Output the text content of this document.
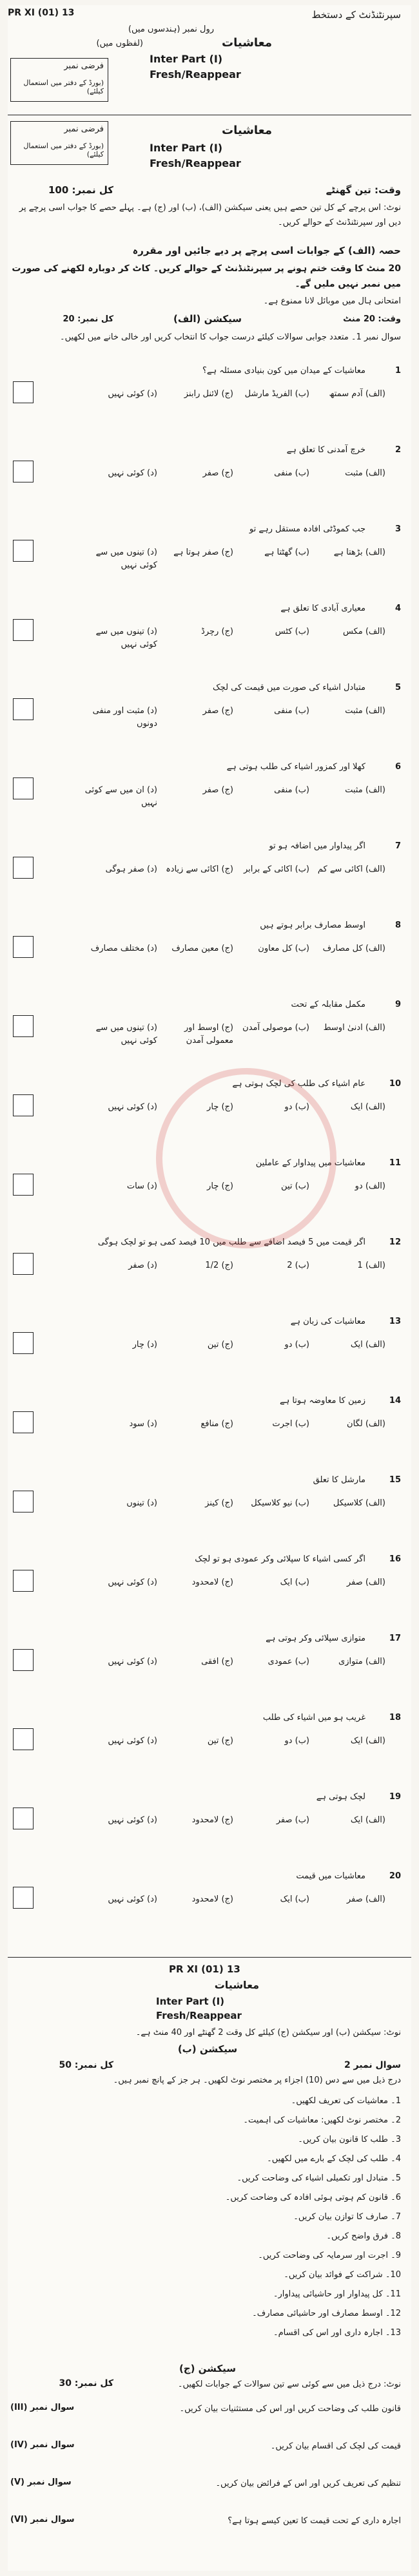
سپرنٹنڈنٹ کے دستخط
PR XI (01) 13
رول نمبر (ہندسوں میں)
(لفظوں میں)	معاشیات
Inter Part (I)
Fresh/Reappear
فرضی نمبر
(بورڈ کے دفتر میں استعمال کیلئے)
فرضی نمبر
(بورڈ کے دفتر میں استعمال کیلئے)
معاشیات
Inter Part (I)
Fresh/Reappear
وقت: تین گھنٹے
کل نمبر: 100
نوٹ: اس پرچے کے کل تین حصے ہیں یعنی سیکشن (الف)، (ب) اور (ج) ہے۔ پہلے حصے کا جواب اسی پرچے پر دیں اور سپرنٹنڈنٹ کے حوالے کریں۔
حصہ (الف) کے جوابات اسی پرچے پر دیے جائیں اور مقررہ
20 منٹ کا وقت ختم ہونے پر سپرنٹنڈنٹ کے حوالے کریں۔ کاٹ کر دوبارہ لکھنے کی صورت میں نمبر نہیں ملیں گے۔
امتحانی ہال میں موبائل لانا ممنوع ہے۔
وقت: 20 منٹ
کل نمبر: 20	سیکشن (الف)
سوال نمبر 1۔ متعدد جوابی سوالات کیلئے درست جواب کا انتخاب کریں اور خالی خانے میں لکھیں۔
1
معاشیات کے میدان میں کون بنیادی مسئلہ ہے؟
(الف) آدم سمتھ
(ب) الفریڈ مارشل
(ج) لائنل رابنز
(د) کوئی نہیں
2
خرچ آمدنی کا تعلق ہے
(الف) مثبت
(ب) منفی
(ج) صفر
(د) کوئی نہیں
3
جب کموڈٹی افادہ مستقل رہے تو
(الف) بڑھتا ہے
(ب) گھٹتا ہے
(ج) صفر ہوتا ہے
(د) تینوں میں سے کوئی نہیں
4
معیاری آبادی کا تعلق ہے
(الف) مکس
(ب) کٹس
(ج) رچرڈ
(د) تینوں میں سے کوئی نہیں
5
متبادل اشیاء کی صورت میں قیمت کی لچک
(الف) مثبت
(ب) منفی
(ج) صفر
(د) مثبت اور منفی دونوں
6
کھلا اور کمزور اشیاء کی طلب ہوتی ہے
(الف) مثبت
(ب) منفی
(ج) صفر
(د) ان میں سے کوئی نہیں
7
اگر پیداوار میں اضافہ ہو تو
(الف) اکائی سے کم
(ب) اکائی کے برابر
(ج) اکائی سے زیادہ
(د) صفر ہوگی
8
اوسط مصارف برابر ہوتے ہیں
(الف) کل مصارف
(ب) کل معاون
(ج) معین مصارف
(د) مختلف مصارف
9
مکمل مقابلہ کے تحت
(الف) ادنیٰ اوسط
(ب) موصولی آمدن
(ج) اوسط اور معمولی آمدن
(د) تینوں میں سے کوئی نہیں
10
عام اشیاء کی طلب کی لچک ہوتی ہے
(الف) ایک
(ب) دو
(ج) چار
(د) کوئی نہیں
11
معاشیات میں پیداوار کے عاملین
(الف) دو
(ب) تین
(ج) چار
(د) سات
12
اگر قیمت میں 5 فیصد اضافے سے طلب میں 10 فیصد کمی ہو تو لچک ہوگی
(الف) 1
(ب) 2
(ج) 1/2
(د) صفر
13
معاشیات کی زبان ہے
(الف) ایک
(ب) دو
(ج) تین
(د) چار
14
زمین کا معاوضہ ہوتا ہے
(الف) لگان
(ب) اجرت
(ج) منافع
(د) سود
15
مارشل کا تعلق
(الف) کلاسیکل
(ب) نیو کلاسیکل
(ج) کینز
(د) تینوں
16
اگر کسی اشیاء کا سپلائی وکر عمودی ہو تو لچک
(الف) صفر
(ب) ایک
(ج) لامحدود
(د) کوئی نہیں
17
متوازی سپلائی وکر ہوتی ہے
(الف) متوازی
(ب) عمودی
(ج) افقی
(د) کوئی نہیں
18
غریب ہو میں اشیاء کی طلب
(الف) ایک
(ب) دو
(ج) تین
(د) کوئی نہیں
19
لچک ہوتی ہے
(الف) ایک
(ب) صفر
(ج) لامحدود
(د) کوئی نہیں
20
معاشیات میں قیمت
(الف) صفر
(ب) ایک
(ج) لامحدود
(د) کوئی نہیں
PR XI (01) 13
معاشیات
Inter Part (I)
Fresh/Reappear
نوٹ: سیکشن (ب) اور سیکشن (ج) کیلئے کل وقت 2 گھنٹے اور 40 منٹ ہے۔
سیکشن (ب)
سوال نمبر 2
کل نمبر: 50
درج ذیل میں سے دس (10) اجزاء پر مختصر نوٹ لکھیں۔ ہر جز کے پانچ نمبر ہیں۔
1۔ معاشیات کی تعریف لکھیں۔
2۔ مختصر نوٹ لکھیں: معاشیات کی اہمیت۔
3۔ طلب کا قانون بیان کریں۔
4۔ طلب کی لچک کے بارے میں لکھیں۔
5۔ متبادل اور تکمیلی اشیاء کی وضاحت کریں۔
6۔ قانون کم ہوتی ہوئی افادہ کی وضاحت کریں۔
7۔ صارف کا توازن بیان کریں۔
8۔ فرق واضح کریں۔
9۔ اجرت اور سرمایہ کی وضاحت کریں۔
10۔ شراکت کے فوائد بیان کریں۔
11۔ کل پیداوار اور حاشیائی پیداوار۔
12۔ اوسط مصارف اور حاشیائی مصارف۔
13۔ اجارہ داری اور اس کی اقسام۔
سیکشن (ج)
کل نمبر: 30	نوٹ: درج ذیل میں سے کوئی سے تین سوالات کے جوابات لکھیں۔
سوال نمبر (III)	قانون طلب کی وضاحت کریں اور اس کی مستثنیات بیان کریں۔
سوال نمبر (IV)	قیمت کی لچک کی اقسام بیان کریں۔
سوال نمبر (V)	تنظیم کی تعریف کریں اور اس کے فرائض بیان کریں۔
سوال نمبر (VI)	اجارہ داری کے تحت قیمت کا تعین کیسے ہوتا ہے؟
